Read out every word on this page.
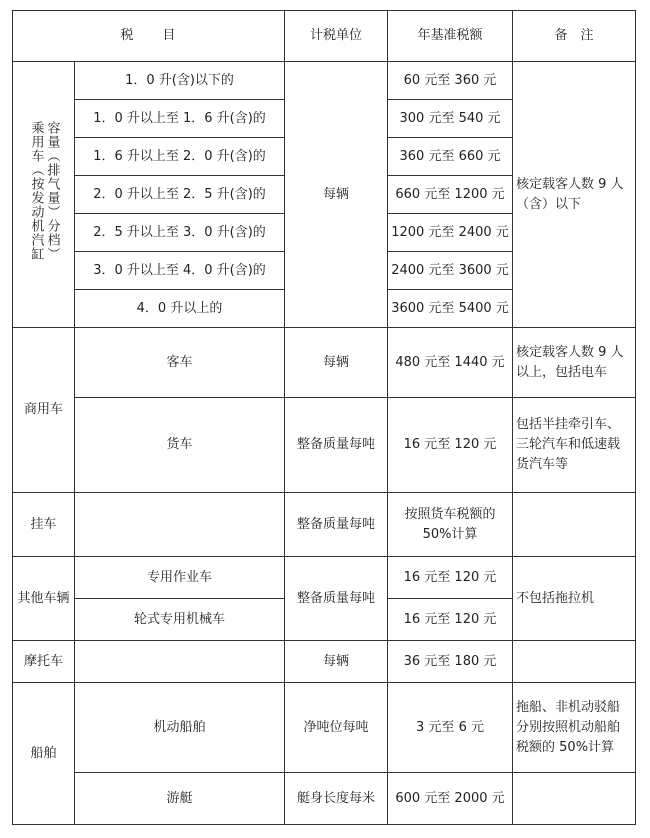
税　　目		计税单位	年基准税额	备　注
乘用车（按发动机汽缸容量（排气量）分档）	1．0 升(含)以下的	每辆	60 元至 360 元	核定载客人数 9 人（含）以下
	1．0 升以上至 1．6 升(含)的		300 元至 540 元	
	1．6 升以上至 2．0 升(含)的		360 元至 660 元	
	2．0 升以上至 2．5 升(含)的		660 元至 1200 元	
	2．5 升以上至 3．0 升(含)的		1200 元至 2400 元	
	3．0 升以上至 4．0 升(含)的		2400 元至 3600 元	
	4．0 升以上的		3600 元至 5400 元	
商用车	客车	每辆	480 元至 1440 元	核定载客人数 9 人以上，包括电车
	货车	整备质量每吨	16 元至 120 元	包括半挂牵引车、三轮汽车和低速载货汽车等
挂车		整备质量每吨	按照货车税额的 50%计算	
其他车辆	专用作业车	整备质量每吨	16 元至 120 元	不包括拖拉机
	轮式专用机械车		16 元至 120 元	
摩托车		每辆	36 元至 180 元	
船舶	机动船舶	净吨位每吨	3 元至 6 元	拖船、非机动驳船分别按照机动船舶税额的 50%计算
	游艇	艇身长度每米	600 元至 2000 元	
